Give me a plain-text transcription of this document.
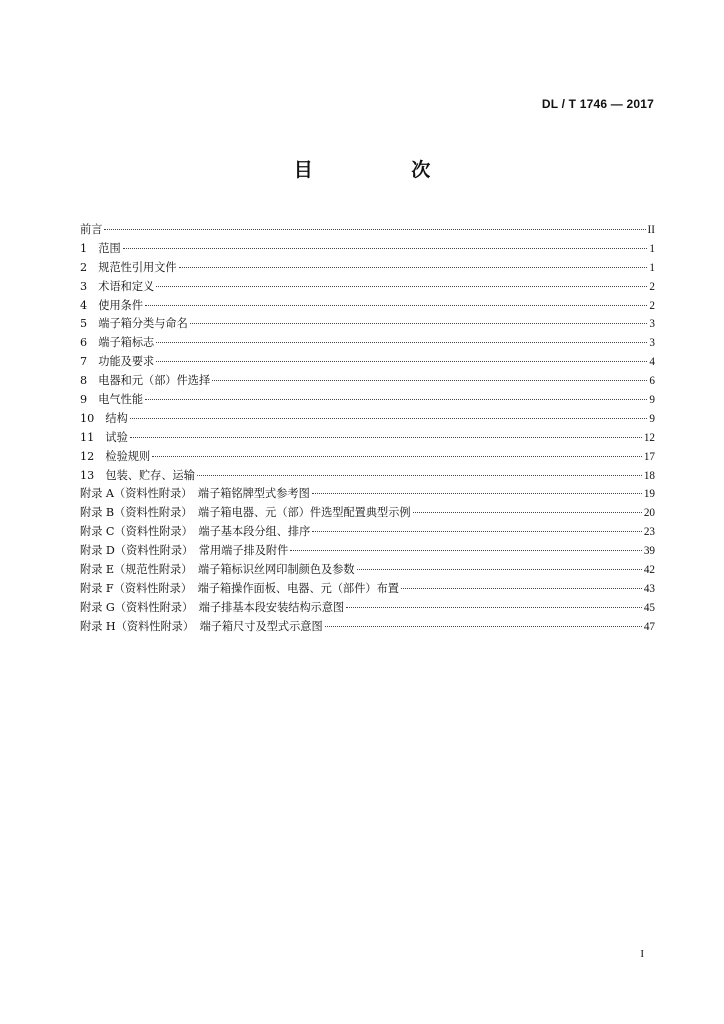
DL / T 1746 — 2017
目 次
前言	II
1　范围	1
2　规范性引用文件	1
3　术语和定义	2
4　使用条件	2
5　端子箱分类与命名	3
6　端子箱标志	3
7　功能及要求	4
8　电器和元（部）件选择	6
9　电气性能	9
10　结构	9
11　试验	12
12　检验规则	17
13　包装、贮存、运输	18
附录 A（资料性附录）　端子箱铭牌型式参考图	19
附录 B（资料性附录）　端子箱电器、元（部）件选型配置典型示例	20
附录 C（资料性附录）　端子基本段分组、排序	23
附录 D（资料性附录）　常用端子排及附件	39
附录 E（规范性附录）　端子箱标识丝网印制颜色及参数	42
附录 F（资料性附录）　端子箱操作面板、电器、元（部件）布置	43
附录 G（资料性附录）　端子排基本段安装结构示意图	45
附录 H（资料性附录）　端子箱尺寸及型式示意图	47
I
